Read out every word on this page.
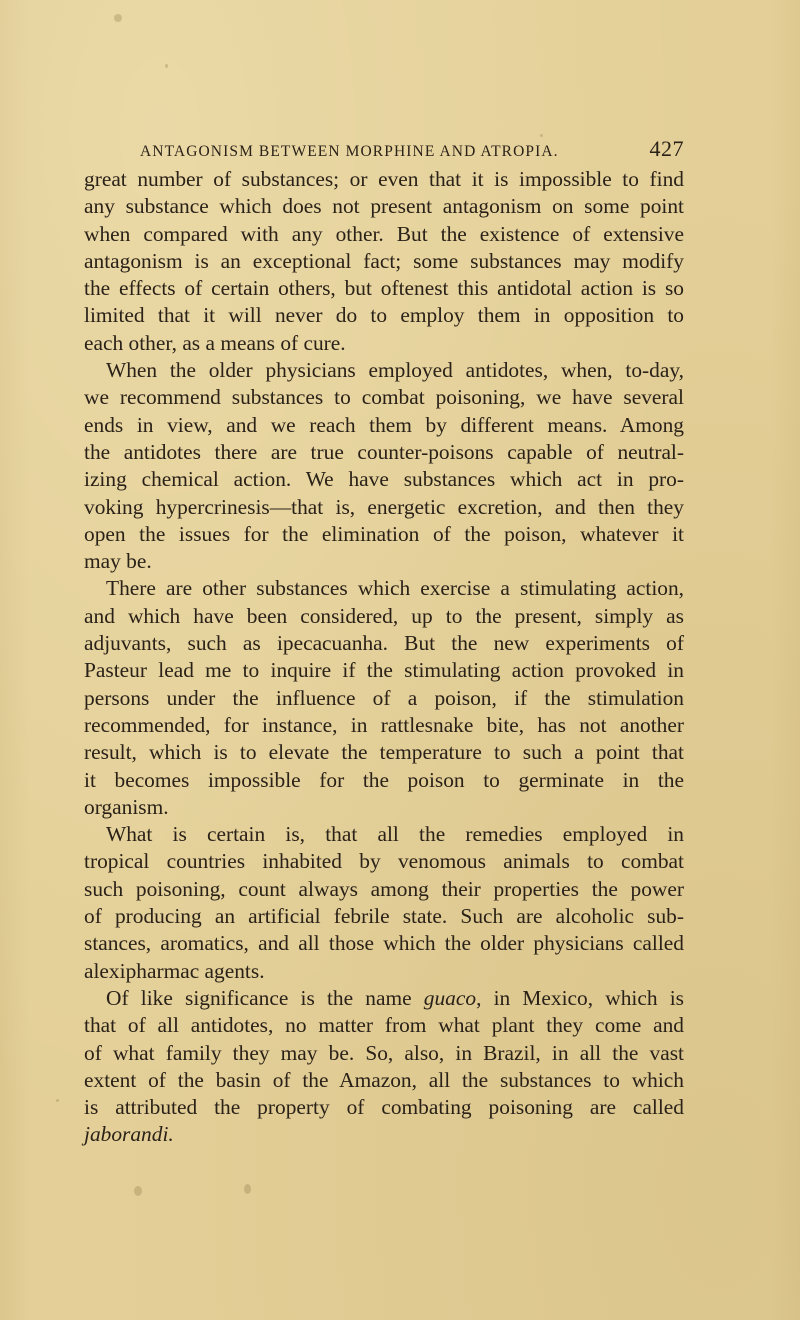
ANTAGONISM BETWEEN MORPHINE AND ATROPIA.	427
great number of substances; or even that it is impossible to find
any substance which does not present antagonism on some point
when compared with any other. But the existence of extensive
antagonism is an exceptional fact; some substances may modify
the effects of certain others, but oftenest this antidotal action is so
limited that it will never do to employ them in opposition to
each other, as a means of cure.
When the older physicians employed antidotes, when, to-day,
we recommend substances to combat poisoning, we have several
ends in view, and we reach them by different means. Among
the antidotes there are true counter-poisons capable of neutral-
izing chemical action. We have substances which act in pro-
voking hypercrinesis—that is, energetic excretion, and then they
open the issues for the elimination of the poison, whatever it
may be.
There are other substances which exercise a stimulating action,
and which have been considered, up to the present, simply as
adjuvants, such as ipecacuanha. But the new experiments of
Pasteur lead me to inquire if the stimulating action provoked in
persons under the influence of a poison, if the stimulation
recommended, for instance, in rattlesnake bite, has not another
result, which is to elevate the temperature to such a point that
it becomes impossible for the poison to germinate in the
organism.
What is certain is, that all the remedies employed in
tropical countries inhabited by venomous animals to combat
such poisoning, count always among their properties the power
of producing an artificial febrile state. Such are alcoholic sub-
stances, aromatics, and all those which the older physicians called
alexipharmac agents.
Of like significance is the name guaco, in Mexico, which is
that of all antidotes, no matter from what plant they come and
of what family they may be. So, also, in Brazil, in all the vast
extent of the basin of the Amazon, all the substances to which
is attributed the property of combating poisoning are called
jaborandi.
